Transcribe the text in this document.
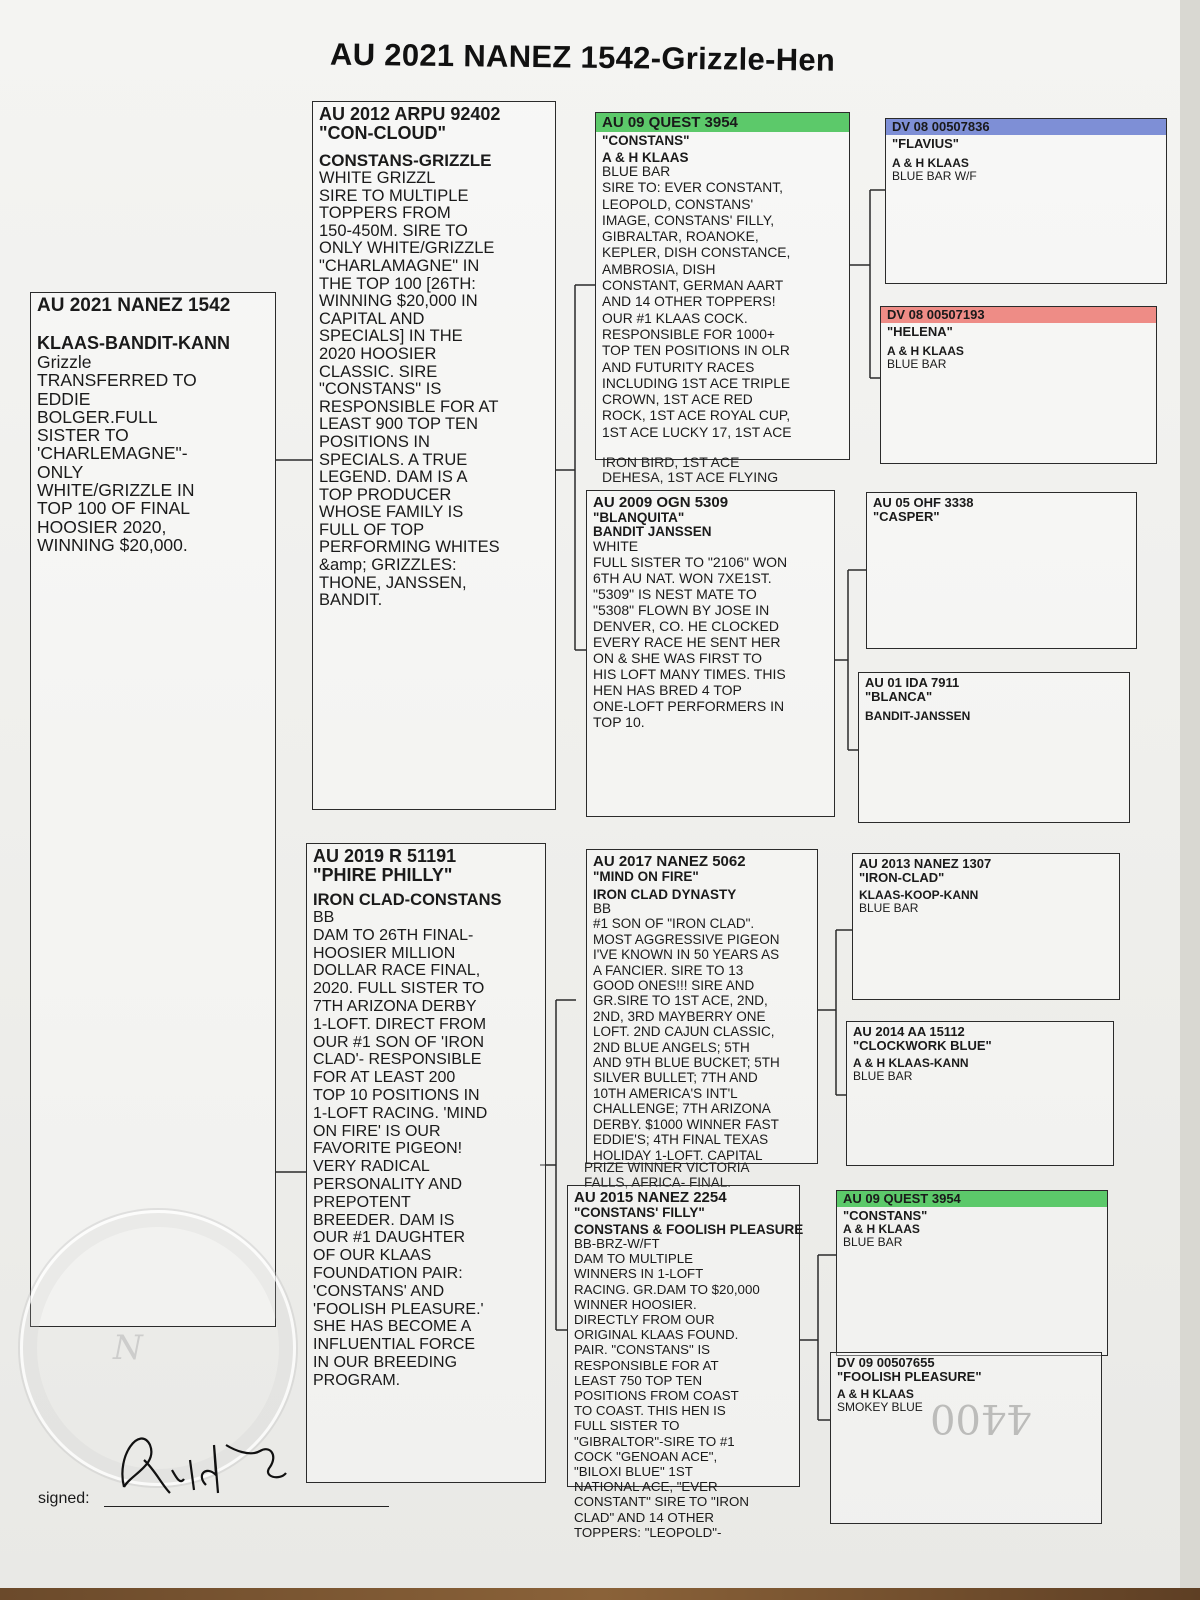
AU 2021 NANEZ 1542-Grizzle-Hen
AU 2021 NANEZ 1542
KLAAS-BANDIT-KANN
Grizzle
TRANSFERRED TO
EDDIE
BOLGER.FULL
SISTER TO
'CHARLEMAGNE"-
ONLY
WHITE/GRIZZLE IN
TOP 100 OF FINAL
HOOSIER 2020,
WINNING $20,000.
AU 2012 ARPU 92402
"CON-CLOUD"
CONSTANS-GRIZZLE
WHITE GRIZZL
SIRE TO MULTIPLE
TOPPERS FROM
150-450M. SIRE TO
ONLY WHITE/GRIZZLE
"CHARLAMAGNE" IN
THE TOP 100 [26TH:
WINNING $20,000 IN
CAPITAL AND
SPECIALS] IN THE
2020 HOOSIER
CLASSIC. SIRE
"CONSTANS" IS
RESPONSIBLE FOR AT
LEAST 900 TOP TEN
POSITIONS IN
SPECIALS. A TRUE
LEGEND. DAM IS A
TOP PRODUCER
WHOSE FAMILY IS
FULL OF TOP
PERFORMING WHITES
&amp; GRIZZLES:
THONE, JANSSEN,
BANDIT.
AU 2019 R 51191
"PHIRE PHILLY"
IRON CLAD-CONSTANS
BB
DAM TO 26TH FINAL-
HOOSIER MILLION
DOLLAR RACE FINAL,
2020. FULL SISTER TO
7TH ARIZONA DERBY
1-LOFT. DIRECT FROM
OUR #1 SON OF 'IRON
CLAD'- RESPONSIBLE
FOR AT LEAST 200
TOP 10 POSITIONS IN
1-LOFT RACING. 'MIND
ON FIRE' IS OUR
FAVORITE PIGEON!
VERY RADICAL
PERSONALITY AND
PREPOTENT
BREEDER. DAM IS
OUR #1 DAUGHTER
OF OUR KLAAS
FOUNDATION PAIR:
'CONSTANS' AND
'FOOLISH PLEASURE.'
SHE HAS BECOME A
INFLUENTIAL FORCE
IN OUR BREEDING
PROGRAM.
AU 09 QUEST 3954
"CONSTANS"
A & H KLAAS
BLUE BAR
SIRE TO: EVER CONSTANT,
LEOPOLD, CONSTANS'
IMAGE, CONSTANS' FILLY,
GIBRALTAR, ROANOKE,
KEPLER, DISH CONSTANCE,
AMBROSIA, DISH
CONSTANT, GERMAN AART
AND 14 OTHER TOPPERS!
OUR #1 KLAAS COCK.
RESPONSIBLE FOR 1000+
TOP TEN POSITIONS IN OLR
AND FUTURITY RACES
INCLUDING 1ST ACE TRIPLE
CROWN, 1ST ACE RED
ROCK, 1ST ACE ROYAL CUP,
1ST ACE LUCKY 17, 1ST ACE
IRON BIRD, 1ST ACE
DEHESA, 1ST ACE FLYING
AU 2009 OGN 5309
"BLANQUITA"
BANDIT JANSSEN
WHITE
FULL SISTER TO "2106" WON
6TH AU NAT. WON 7XE1ST.
"5309" IS NEST MATE TO
"5308" FLOWN BY JOSE IN
DENVER, CO. HE CLOCKED
EVERY RACE HE SENT HER
ON & SHE WAS FIRST TO
HIS LOFT MANY TIMES. THIS
HEN HAS BRED 4 TOP
ONE-LOFT PERFORMERS IN
TOP 10.
AU 2017 NANEZ 5062
"MIND ON FIRE"
IRON CLAD DYNASTY
BB
#1 SON OF "IRON CLAD".
MOST AGGRESSIVE PIGEON
I'VE KNOWN IN 50 YEARS AS
A FANCIER. SIRE TO 13
GOOD ONES!!! SIRE AND
GR.SIRE TO 1ST ACE, 2ND,
2ND, 3RD MAYBERRY ONE
LOFT. 2ND CAJUN CLASSIC,
2ND BLUE ANGELS; 5TH
AND 9TH BLUE BUCKET; 5TH
SILVER BULLET; 7TH AND
10TH AMERICA'S INT'L
CHALLENGE; 7TH ARIZONA
DERBY. $1000 WINNER FAST
EDDIE'S; 4TH FINAL TEXAS
HOLIDAY 1-LOFT. CAPITAL
PRIZE WINNER VICTORIA
FALLS, AFRICA- FINAL.
AU 2015 NANEZ 2254
"CONSTANS' FILLY"
CONSTANS & FOOLISH PLEASURE
BB-BRZ-W/FT
DAM TO MULTIPLE
WINNERS IN 1-LOFT
RACING. GR.DAM TO $20,000
WINNER HOOSIER.
DIRECTLY FROM OUR
ORIGINAL KLAAS FOUND.
PAIR. "CONSTANS" IS
RESPONSIBLE FOR AT
LEAST 750 TOP TEN
POSITIONS FROM COAST
TO COAST. THIS HEN IS
FULL SISTER TO
"GIBRALTOR"-SIRE TO #1
COCK "GENOAN ACE",
"BILOXI BLUE" 1ST
NATIONAL ACE, "EVER
CONSTANT" SIRE TO "IRON
CLAD" AND 14 OTHER
TOPPERS: "LEOPOLD"-
DV 08 00507836
"FLAVIUS"
A & H KLAAS
BLUE BAR W/F
DV 08 00507193
"HELENA"
A & H KLAAS
BLUE BAR
AU 05 OHF 3338
"CASPER"
AU 01 IDA 7911
"BLANCA"
BANDIT-JANSSEN
AU 2013 NANEZ 1307
"IRON-CLAD"
KLAAS-KOOP-KANN
BLUE BAR
AU 2014 AA 15112
"CLOCKWORK BLUE"
A & H KLAAS-KANN
BLUE BAR
AU 09 QUEST 3954
"CONSTANS"
A & H KLAAS
BLUE BAR
DV 09 00507655
"FOOLISH PLEASURE"
A & H KLAAS
SMOKEY BLUE
N
signed:
4400
